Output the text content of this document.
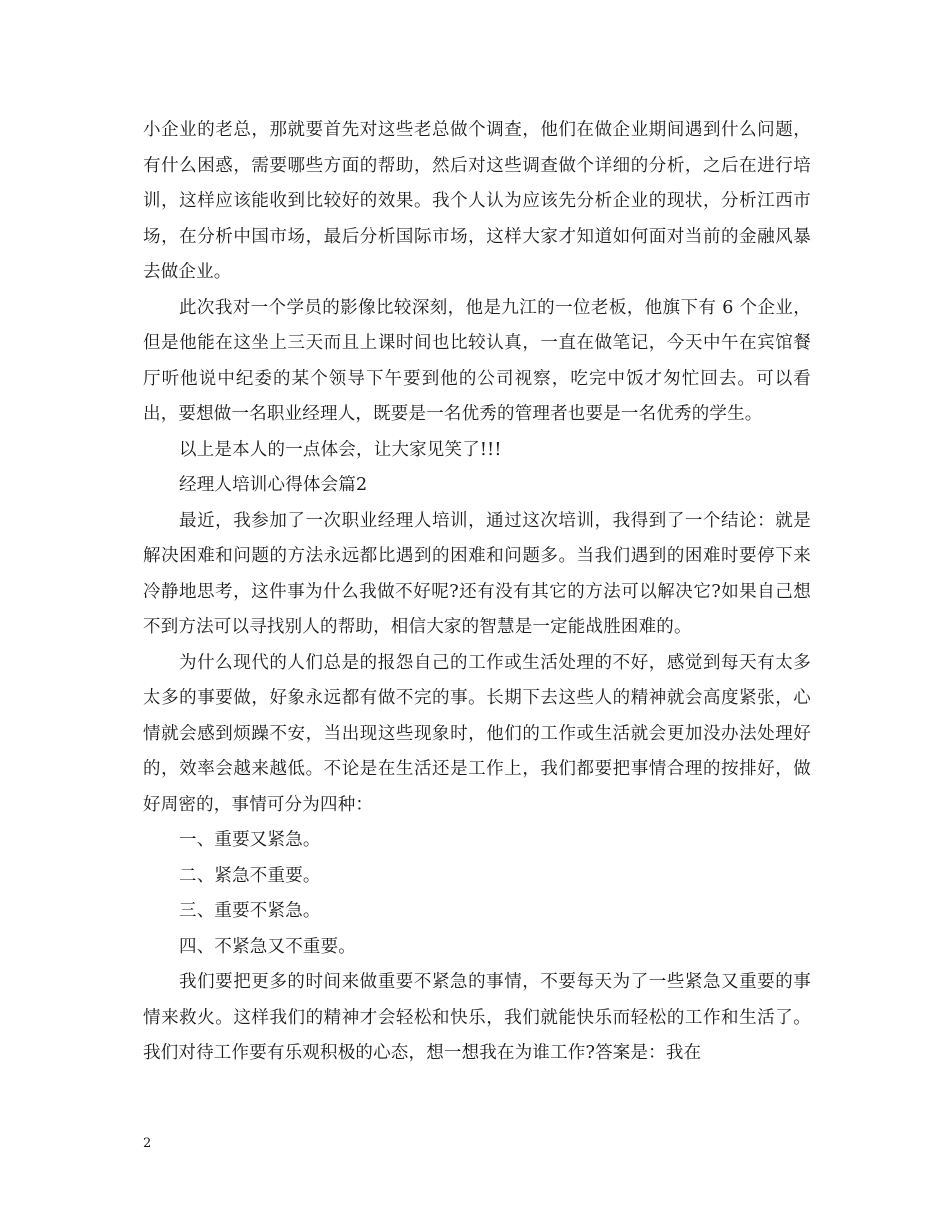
小企业的老总，那就要首先对这些老总做个调查，他们在做企业期间遇到什么问题，有什么困惑，需要哪些方面的帮助，然后对这些调查做个详细的分析，之后在进行培训，这样应该能收到比较好的效果。我个人认为应该先分析企业的现状，分析江西市场，在分析中国市场，最后分析国际市场，这样大家才知道如何面对当前的金融风暴去做企业。

此次我对一个学员的影像比较深刻，他是九江的一位老板，他旗下有 6 个企业，但是他能在这坐上三天而且上课时间也比较认真，一直在做笔记，今天中午在宾馆餐厅听他说中纪委的某个领导下午要到他的公司视察，吃完中饭才匆忙回去。可以看出，要想做一名职业经理人，既要是一名优秀的管理者也要是一名优秀的学生。

以上是本人的一点体会，让大家见笑了!!!

经理人培训心得体会篇2

最近，我参加了一次职业经理人培训，通过这次培训，我得到了一个结论：就是解决困难和问题的方法永远都比遇到的困难和问题多。当我们遇到的困难时要停下来冷静地思考，这件事为什么我做不好呢?还有没有其它的方法可以解决它?如果自己想不到方法可以寻找别人的帮助，相信大家的智慧是一定能战胜困难的。

为什么现代的人们总是的报怨自己的工作或生活处理的不好，感觉到每天有太多太多的事要做，好象永远都有做不完的事。长期下去这些人的精神就会高度紧张，心情就会感到烦躁不安，当出现这些现象时，他们的工作或生活就会更加没办法处理好的，效率会越来越低。不论是在生活还是工作上，我们都要把事情合理的按排好，做好周密的，事情可分为四种：

一、重要又紧急。

二、紧急不重要。

三、重要不紧急。

四、不紧急又不重要。

我们要把更多的时间来做重要不紧急的事情，不要每天为了一些紧急又重要的事情来救火。这样我们的精神才会轻松和快乐，我们就能快乐而轻松的工作和生活了。我们对待工作要有乐观积极的心态，想一想我在为谁工作?答案是：我在

2
